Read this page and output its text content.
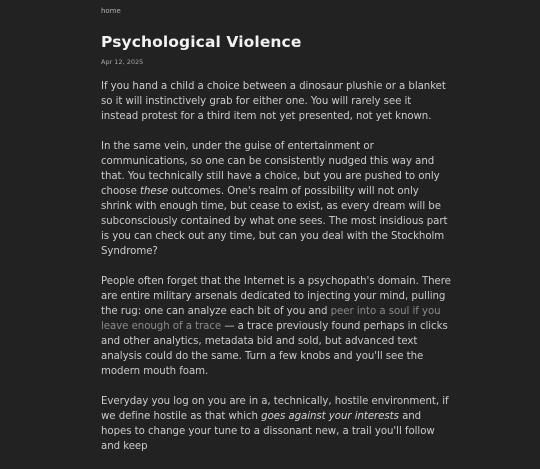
home
Psychological Violence
Apr 12, 2025

If you hand a child a choice between a dinosaur plushie or a blanket so it will instinctively grab for either one. You will rarely see it instead protest for a third item not yet presented, not yet known.

In the same vein, under the guise of entertainment or communications, so one can be consistently nudged this way and that. You technically still have a choice, but you are pushed to only choose these outcomes. One's realm of possibility will not only shrink with enough time, but cease to exist, as every dream will be subconsciously contained by what one sees. The most insidious part is you can check out any time, but can you deal with the Stockholm Syndrome?

People often forget that the Internet is a psychopath's domain. There are entire military arsenals dedicated to injecting your mind, pulling the rug: one can analyze each bit of you and peer into a soul if you leave enough of a trace — a trace previously found perhaps in clicks and other analytics, metadata bid and sold, but advanced text analysis could do the same. Turn a few knobs and you'll see the modern mouth foam.

Everyday you log on you are in a, technically, hostile environment, if we define hostile as that which goes against your interests and hopes to change your tune to a dissonant new, a trail you'll follow and keep
